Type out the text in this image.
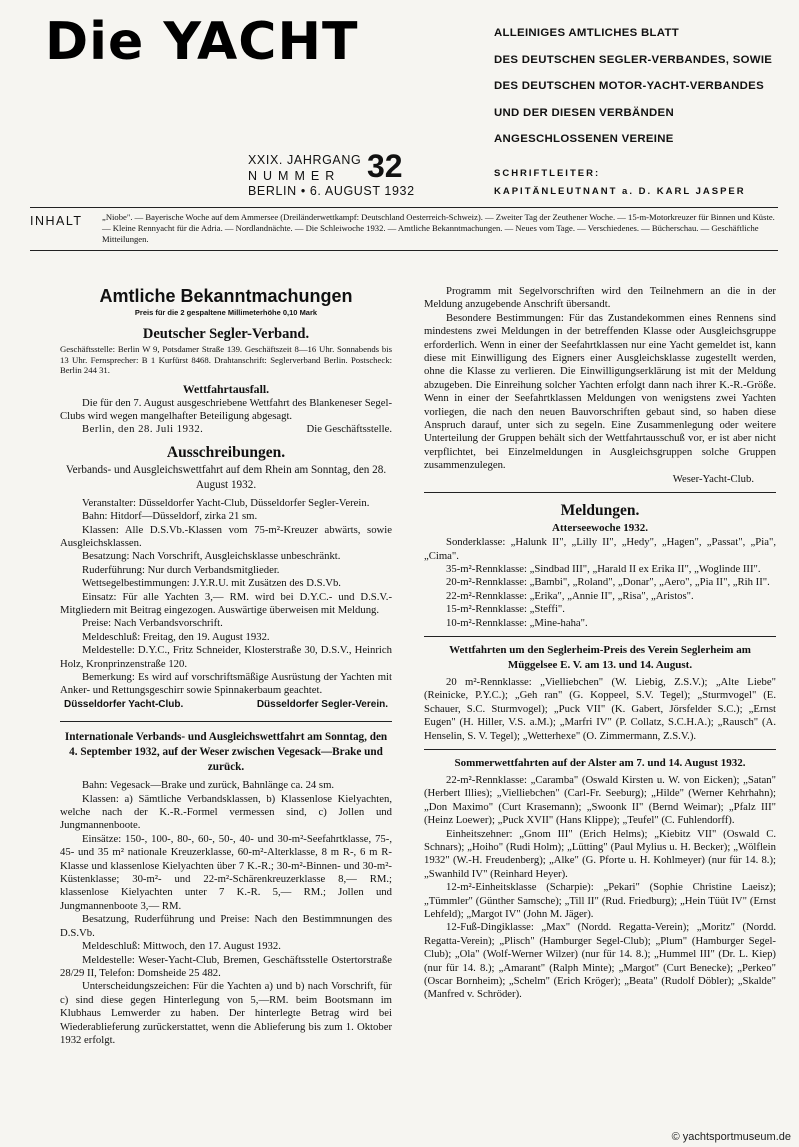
Die YACHT	ALLEINIGES AMTLICHES BLATT
DES DEUTSCHEN SEGLER-VERBANDES, SOWIE
DES DEUTSCHEN MOTOR-YACHT-VERBANDES
UND DER DIESEN VERBÄNDEN
ANGESCHLOSSENEN VEREINE
XXIX. JAHRGANG
NUMMER
BERLIN • 6. AUGUST 1932
32	SCHRIFTLEITER:
KAPITÄNLEUTNANT a. D. KARL JASPER
INHALT „Niobe". — Bayerische Woche auf dem Ammersee (Dreiländerwettkampf: Deutschland Oesterreich-Schweiz). — Zweiter Tag der Zeuthener Woche. — 15-m-Motorkreuzer für Binnen und Küste. — Kleine Rennyacht für die Adria. — Nordlandnächte. — Die Schleiwoche 1932. — Amtliche Bekanntmachungen. — Neues vom Tage. — Verschiedenes. — Bücherschau. — Geschäftliche Mitteilungen.
Amtliche Bekanntmachungen
Preis für die 2 gespaltene Millimeterhöhe 0,10 Mark
Deutscher Segler-Verband.
Geschäftsstelle: Berlin W 9, Potsdamer Straße 139. Geschäftszeit 8—16 Uhr. Sonnabends bis 13 Uhr. Fernsprecher: B 1 Kurfürst 8468. Drahtanschrift: Seglerverband Berlin. Postscheck: Berlin 244 31.
Wettfahrtausfall.

Die für den 7. August ausgeschriebene Wettfahrt des Blankeneser Segel-Clubs wird wegen mangelhafter Beteiligung abgesagt.

Berlin, den 28. Juli 1932.	Die Geschäftsstelle.
Ausschreibungen.
Verbands- und Ausgleichswettfahrt auf dem Rhein am Sonntag, den 28. August 1932.

Veranstalter: Düsseldorfer Yacht-Club, Düsseldorfer Segler-Verein.

Bahn: Hitdorf—Düsseldorf, zirka 21 sm.

Klassen: Alle D.S.Vb.-Klassen vom 75-m²-Kreuzer abwärts, sowie Ausgleichsklassen.

Besatzung: Nach Vorschrift, Ausgleichsklasse unbeschränkt.

Ruderführung: Nur durch Verbandsmitglieder.

Wettsegelbestimmungen: J.Y.R.U. mit Zusätzen des D.S.Vb.

Einsatz: Für alle Yachten 3,— RM. wird bei D.Y.C.- und D.S.V.-Mitgliedern mit Beitrag eingezogen. Auswärtige überweisen mit Meldung.

Preise: Nach Verbandsvorschrift.

Meldeschluß: Freitag, den 19. August 1932.

Meldestelle: D.Y.C., Fritz Schneider, Klosterstraße 30, D.S.V., Heinrich Holz, Kronprinzenstraße 120.

Bemerkung: Es wird auf vorschriftsmäßige Ausrüstung der Yachten mit Anker- und Rettungsgeschirr sowie Spinnakerbaum geachtet.

Düsseldorfer Yacht-Club.	Düsseldorfer Segler-Verein.
Internationale Verbands- und Ausgleichswettfahrt am Sonntag, den 4. September 1932, auf der Weser zwischen Vegesack—Brake und zurück.

Bahn: Vegesack—Brake und zurück, Bahnlänge ca. 24 sm.

Klassen: a) Sämtliche Verbandsklassen, b) Klassenlose Kielyachten, welche nach der K.-R.-Formel vermessen sind, c) Jollen und Jungmannenboote.

Einsätze: 150-, 100-, 80-, 60-, 50-, 40- und 30-m²-Seefahrtklasse, 75-, 45- und 35 m² nationale Kreuzerklasse, 60-m²-Alterklasse, 8 m R-, 6 m R-Klasse und klassenlose Kielyachten über 7 K.-R.; 30-m²-Binnen- und 30-m²-Küstenklasse; 30-m²- und 22-m²-Schärenkreuzerklasse 8,— RM.; klassenlose Kielyachten unter 7 K.-R. 5,— RM.; Jollen und Jungmannenboote 3,— RM.

Besatzung, Ruderführung und Preise: Nach den Bestimmnungen des D.S.Vb.

Meldeschluß: Mittwoch, den 17. August 1932.

Meldestelle: Weser-Yacht-Club, Bremen, Geschäftsstelle Ostertorstraße 28/29 II, Telefon: Domsheide 25 482.

Unterscheidungszeichen: Für die Yachten a) und b) nach Vorschrift, für c) sind diese gegen Hinterlegung von 5,—RM. beim Bootsmann im Klubhaus Lemwerder zu haben. Der hinterlegte Betrag wird bei Wiederablieferung zurückerstattet, wenn die Ablieferung bis zum 1. Oktober 1932 erfolgt.

Programm mit Segelvorschriften wird den Teilnehmern an die in der Meldung anzugebende Anschrift übersandt.

Besondere Bestimmungen: Für das Zustandekommen eines Rennens sind mindestens zwei Meldungen in der betreffenden Klasse oder Ausgleichsgruppe erforderlich. Wenn in einer der Seefahrtklassen nur eine Yacht gemeldet ist, kann diese mit Einwilligung des Eigners einer Ausgleichsklasse zugestellt werden, ohne die Klasse zu verlieren. Die Einwilligungserklärung ist mit der Meldung abzugeben. Die Einreihung solcher Yachten erfolgt dann nach ihrer K.-R.-Größe. Wenn in einer der Seefahrtklassen Meldungen von wenigstens zwei Yachten vorliegen, die nach den neuen Bauvorschriften gebaut sind, so haben diese Anspruch darauf, unter sich zu segeln. Eine Zusammenlegung oder weitere Unterteilung der Gruppen behält sich der Wettfahrtausschuß vor, er ist aber nicht verpflichtet, bei Einzelmeldungen in Ausgleichsgruppen solche Gruppen zusammenzulegen.

Weser-Yacht-Club.
Meldungen.
Atterseewoche 1932.

Sonderklasse: „Halunk II", „Lilly II", „Hedy", „Hagen", „Passat", „Pia", „Cima".

35-m²-Rennklasse: „Sindbad III", „Harald II ex Erika II", „Woglinde III".

20-m²-Rennklasse: „Bambi", „Roland", „Donar", „Aero", „Pia II", „Rih II".

22-m²-Rennklasse: „Erika", „Annie II", „Risa", „Aristos".

15-m²-Rennklasse: „Steffi".

10-m²-Rennklasse: „Mine-haha".

Wettfahrten um den Seglerheim-Preis des Verein Seglerheim am Müggelsee E. V. am 13. und 14. August.

20 m²-Rennklasse: „Vielliebchen" (W. Liebig, Z.S.V.); „Alte Liebe" (Reinicke, P.Y.C.); „Geh ran" (G. Koppeel, S.V. Tegel); „Sturmvogel" (E. Schauer, S.C. Sturmvogel); „Puck VII" (K. Gabert, Jörsfelder S.C.); „Ernst Eugen" (H. Hiller, V.S. a.M.); „Marfri IV" (P. Collatz, S.C.H.A.); „Rausch" (A. Henselin, S. V. Tegel); „Wetterhexe" (O. Zimmermann, Z.S.V.).

Sommerwettfahrten auf der Alster am 7. und 14. August 1932.

22-m²-Rennklasse: „Caramba" (Oswald Kirsten u. W. von Eicken); „Satan" (Herbert Illies); „Vielliebchen" (Carl-Fr. Seeburg); „Hilde" (Werner Kehrhahn); „Don Maximo" (Curt Krasemann); „Swoonk II" (Bernd Weimar); „Pfalz III" (Heinz Loewer); „Puck XVII" (Hans Klippe); „Teufel" (C. Fuhlendorff).

Einheitszehner: „Gnom III" (Erich Helms); „Kiebitz VII" (Oswald C. Schnars); „Hoiho" (Rudi Holm); „Lütting" (Paul Mylius u. H. Becker); „Wölflein 1932" (W.-H. Freudenberg); „Alke" (G. Pforte u. H. Kohlmeyer) (nur für 14. 8.); „Swanhild IV" (Reinhard Heyer).

12-m²-Einheitsklasse (Scharpie): „Pekari" (Sophie Christine Laeisz); „Tümmler" (Günther Samsche); „Till II" (Rud. Friedburg); „Hein Tüüt IV" (Ernst Lehfeld); „Margot IV" (John M. Jäger).

12-Fuß-Dingiklasse: „Max" (Nordd. Regatta-Verein); „Moritz" (Nordd. Regatta-Verein); „Plisch" (Hamburger Segel-Club); „Plum" (Hamburger Segel-Club); „Ola" (Wolf-Werner Wilzer) (nur für 14. 8.); „Hummel III" (Dr. L. Kiep) (nur für 14. 8.); „Amarant" (Ralph Minte); „Margot" (Curt Benecke); „Perkeo" (Oscar Bornheim); „Schelm" (Erich Kröger); „Beata" (Rudolf Döbler); „Skalde" (Manfred v. Schröder).

© yachtsportmuseum.de
